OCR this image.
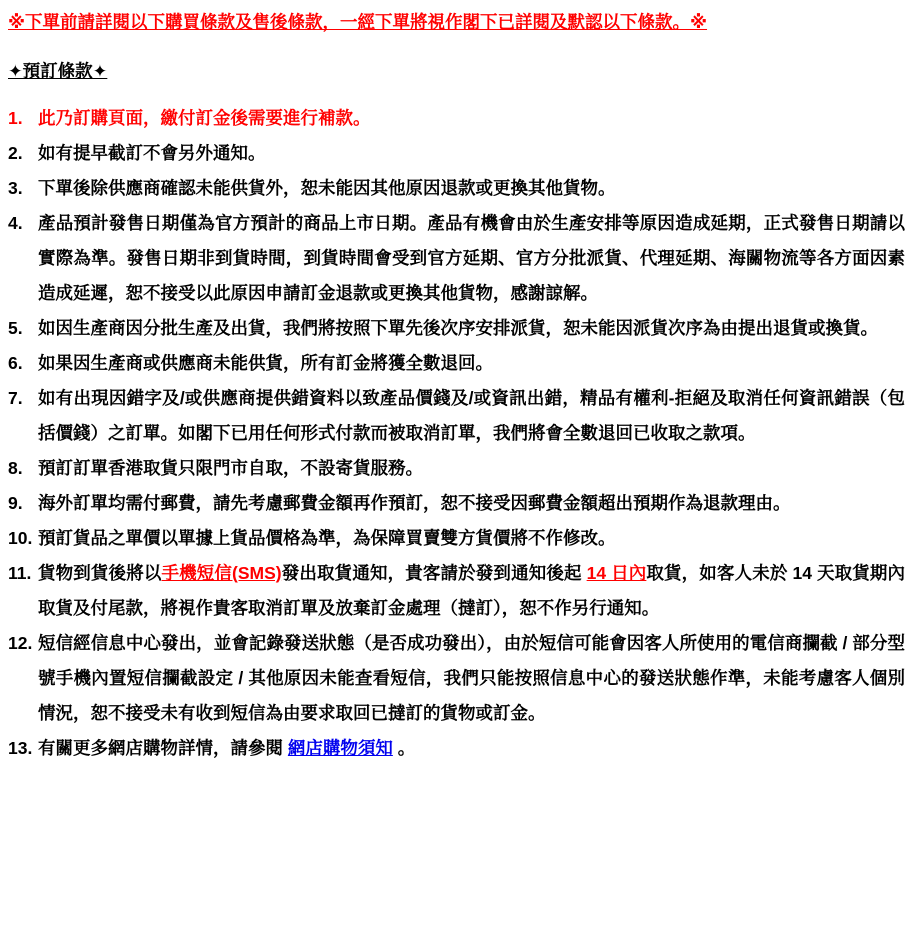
※下單前請詳閱以下購買條款及售後條款，一經下單將視作閣下已詳閱及默認以下條款。※

✦預訂條款✦
1. 此乃訂購頁面，繳付訂金後需要進行補款。
2. 如有提早截訂不會另外通知。
3. 下單後除供應商確認未能供貨外，恕未能因其他原因退款或更換其他貨物。
4. 產品預計發售日期僅為官方預計的商品上市日期。產品有機會由於生產安排等原因造成延期，正式發售日期請以實際為準。發售日期非到貨時間，到貨時間會受到官方延期、官方分批派貨、代理延期、海關物流等各方面因素造成延遲，恕不接受以此原因申請訂金退款或更換其他貨物，感謝諒解。
5. 如因生產商因分批生產及出貨，我們將按照下單先後次序安排派貨，恕未能因派貨次序為由提出退貨或換貨。
6. 如果因生產商或供應商未能供貨，所有訂金將獲全數退回。
7. 如有出現因錯字及/或供應商提供錯資料以致產品價錢及/或資訊出錯，精品有權利-拒絕及取消任何資訊錯誤（包括價錢）之訂單。如閣下已用任何形式付款而被取消訂單，我們將會全數退回已收取之款項。
8. 預訂訂單香港取貨只限門市自取，不設寄貨服務。
9. 海外訂單均需付郵費，請先考慮郵費金額再作預訂，恕不接受因郵費金額超出預期作為退款理由。
10. 預訂貨品之單價以單據上貨品價格為準，為保障買賣雙方貨價將不作修改。
11. 貨物到貨後將以手機短信(SMS)發出取貨通知，貴客請於發到通知後起 14 日內取貨，如客人未於 14 天取貨期內取貨及付尾款，將視作貴客取消訂單及放棄訂金處理（撻訂），恕不作另行通知。
12. 短信經信息中心發出，並會記錄發送狀態（是否成功發出），由於短信可能會因客人所使用的電信商攔截 / 部分型號手機內置短信攔截設定 / 其他原因未能查看短信，我們只能按照信息中心的發送狀態作準，未能考慮客人個別情況，恕不接受未有收到短信為由要求取回已撻訂的貨物或訂金。
13. 有關更多網店購物詳情，請參閱 網店購物須知 。
